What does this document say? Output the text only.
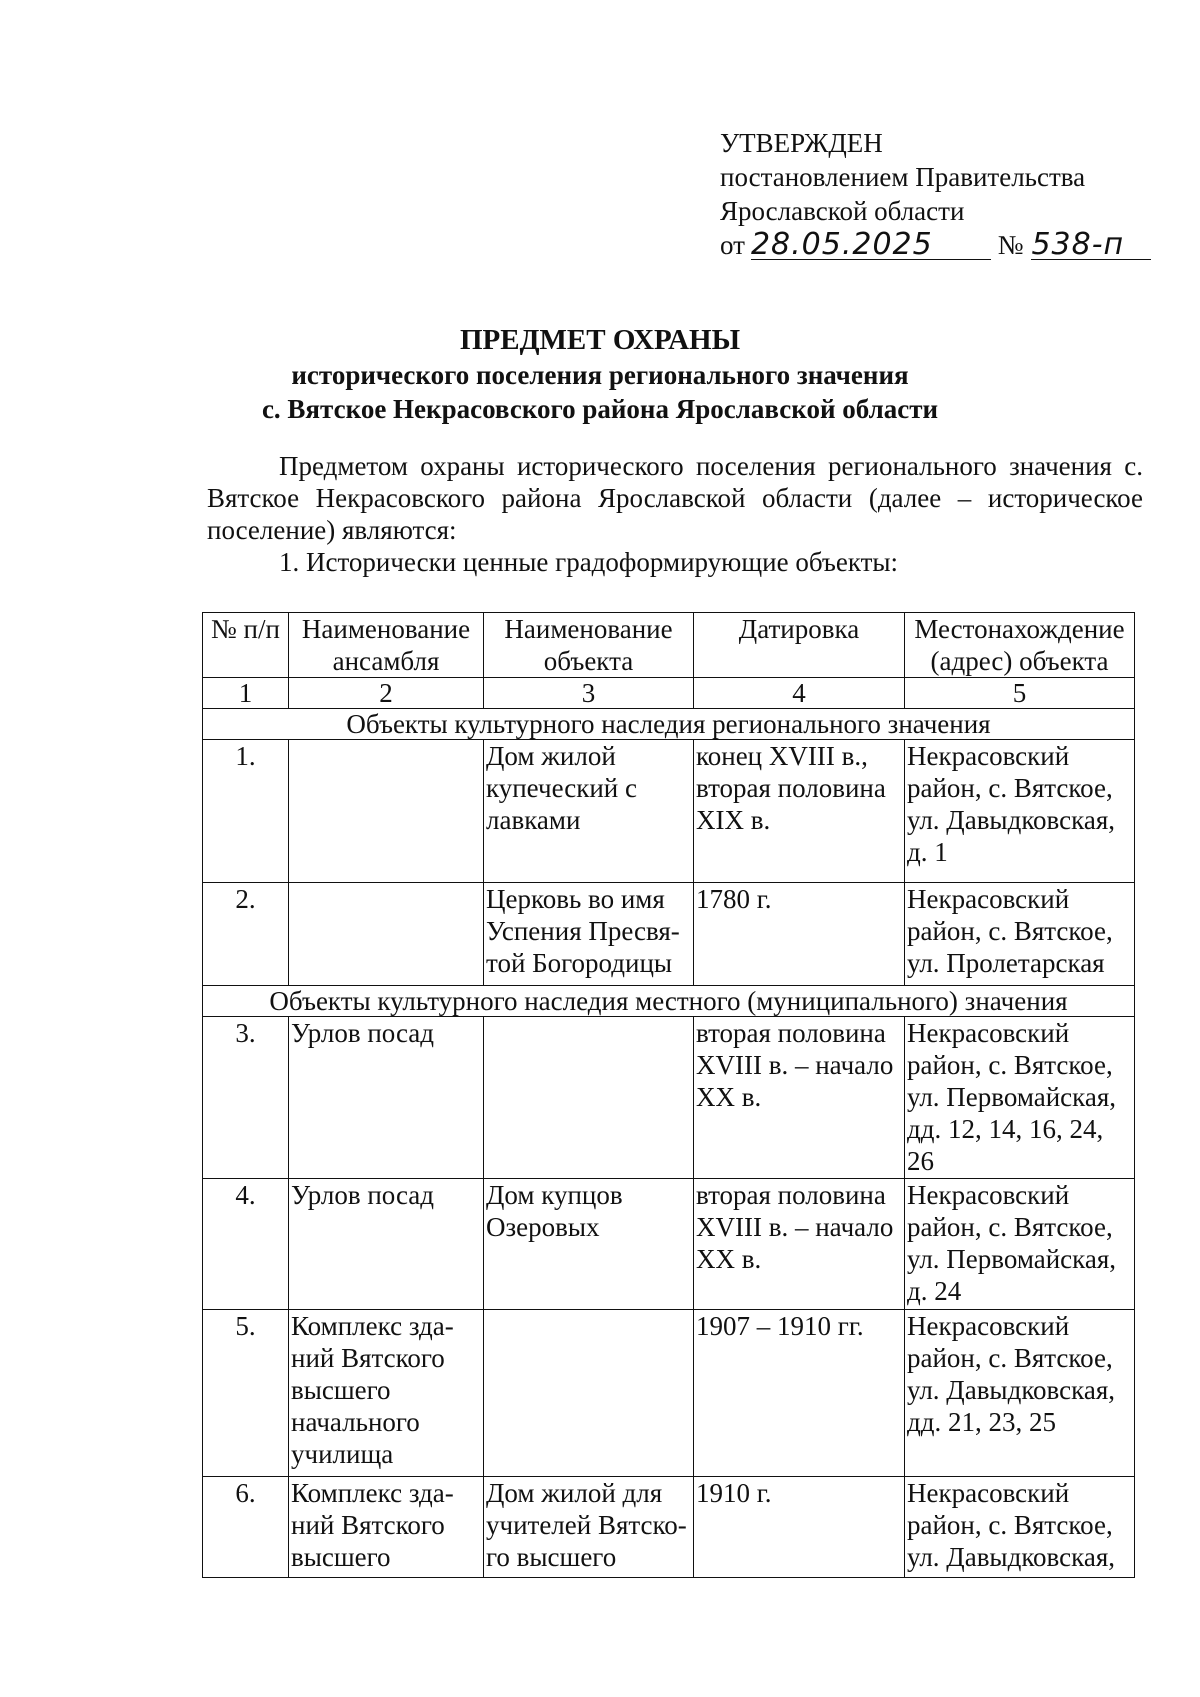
УТВЕРЖДЕН
постановлением Правительства
Ярославской области
от 28.05.2025 № 538-п
ПРЕДМЕТ ОХРАНЫ
исторического поселения регионального значения
с. Вятское Некрасовского района Ярославской области
Предметом охраны исторического поселения регионального значения с. Вятское Некрасовского района Ярославской области (далее – историческое поселение) являются:
1. Исторически ценные градоформирующие объекты:
№ п/п	Наименование ансамбля	Наименование объекта	Датировка	Местонахождение (адрес) объекта
1	2	3	4	5
Объекты культурного наследия регионального значения				
1.		Дом жилой купеческий с лавками	конец XVIII в., вторая половина XIX в.	Некрасовский район, с. Вятское, ул. Давыдковская, д. 1
2.		Церковь во имя Успения Пресвя-той Богородицы	1780 г.	Некрасовский район, с. Вятское, ул. Пролетарская
Объекты культурного наследия местного (муниципального) значения				
3.	Урлов посад		вторая половина XVIII в. – начало XX в.	Некрасовский район, с. Вятское, ул. Первомайская, дд. 12, 14, 16, 24, 26
4.	Урлов посад	Дом купцов Озеровых	вторая половина XVIII в. – начало XX в.	Некрасовский район, с. Вятское, ул. Первомайская, д. 24
5.	Комплекс зда-ний Вятского высшего начального училища		1907 – 1910 гг.	Некрасовский район, с. Вятское, ул. Давыдковская, дд. 21, 23, 25
6.	Комплекс зда-ний Вятского высшего	Дом жилой для учителей Вятско-го высшего	1910 г.	Некрасовский район, с. Вятское, ул. Давыдковская,
